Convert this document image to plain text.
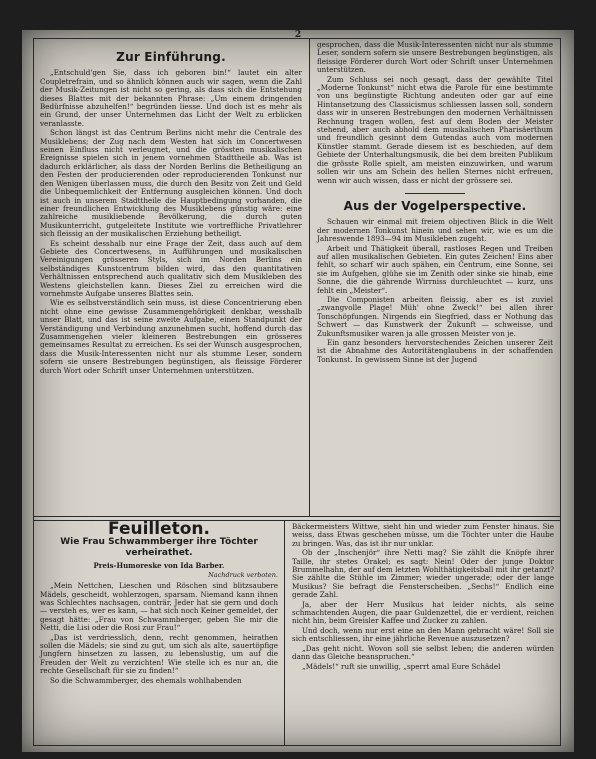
2
Zur Einführung.

„Entschuld'gen Sie, dass ich geboren bin!“ lautet ein alter Coupletrefrain, und so ähnlich können auch wir sagen, wenn die Zahl der Musik-Zeitungen ist nicht so gering, als dass sich die Entstehung dieses Blattes mit der bekannten Phrase: „Um einem dringenden Bedürfnisse abzuhelfen!“ begründen liesse. Und doch ist es mehr als ein Grund, der unser Unternehmen das Licht der Welt zu erblicken veranlasste.

Schon längst ist das Centrum Berlins nicht mehr die Centrale des Musiklebens; der Zug nach dem Westen hat sich im Concertwesen seinen Einfluss nicht verleugnet, und die grössten musikalischen Ereignisse spielen sich in jenem vornehmen Stadttheile ab. Was ist dadurch erklärlicher, als dass der Norden Berlins die Betheiligung an den Festen der producierenden oder reproducierenden Tonkunst nur den Wenigen überlassen muss, die durch den Besitz von Zeit und Geld die Unbequemlichkeit der Entfernung ausgleichen können. Und doch ist auch in unserem Stadttheile die Hauptbedingung vorhanden, die einer freundlichen Entwicklung des Musiklebens günstig wäre: eine zahlreiche musikliebende Bevölkerung, die durch guten Musikunterricht, gutgeleitete Institute wie vortreffliche Privatlehrer sich fleissig an der musikalischen Erziehung betheiligt.

Es scheint desshalb nur eine Frage der Zeit, dass auch auf dem Gebiete des Concertwesens, in Aufführungen und musikalischen Vereinigungen grösseren Styls, sich im Norden Berlins ein selbständiges Kunstcentrum bilden wird, das den quantitativen Verhältnissen entsprechend auch qualitativ sich dem Musikleben des Westens gleichstellen kann. Dieses Ziel zu erreichen wird die vornehmste Aufgabe unseres Blattes sein.

Wie es selbstverständlich sein muss, ist diese Concentrierung eben nicht ohne eine gewisse Zusammengehörigkeit denkbar, wesshalb unser Blatt, und das ist seine zweite Aufgabe, einen Standpunkt der Verständigung und Verbindung anzunehmen sucht, hoffend durch das Zusammengehen vieler kleineren Bestrebungen ein grösseres gemeinsames Resultat zu erreichen. Es sei der Wunsch ausgesprochen, dass die Musik-Interessenten nicht nur als stumme Leser, sondern sofern sie unsere Bestrebungen begünstigen, als fleissige Förderer durch Wort oder Schrift unser Unternehmen unterstützen.

gesprochen, dass die Musik-Interessenten nicht nur als stumme Leser, sondern sofern sie unsere Bestrebungen begünstigen, als fleissige Förderer durch Wort oder Schrift unser Unternehmen unterstützen.

Zum Schluss sei noch gesagt, dass der gewählte Titel „Moderne Tonkunst“ nicht etwa die Parole für eine bestimmte von uns begünstigte Richtung andeuten oder gar auf eine Hintansetzung des Classicismus schliessen lassen soll, sondern dass wir in unseren Bestrebungen den modernen Verhältnissen Rechnung tragen wollen, fest auf dem Boden der Meister stehend, aber auch abhold dem musikalischen Pharisäerthum und freundlich gesinnt dem Gutendas auch vom modernen Künstler stammt. Gerade diesem ist es beschieden, auf dem Gebiete der Unterhaltungsmusik, die bei dem breiten Publikum die grösste Rolle spielt, am meisten einzuwirken, und warum sollen wir uns am Schein des hellen Sternes nicht erfreuen, wenn wir auch wissen, dass er nicht der grössere sei.

Aus der Vogelperspective.

Schauen wir einmal mit freiem objectiven Blick in die Welt der modernen Tonkunst hinein und sehen wir, wie es um die Jahreswende 1893—94 im Musikleben zugeht.

Arbeit und Thätigkeit überall, rastloses Regen und Treiben auf allen musikalischen Gebieten. Ein gutes Zeichen! Eins aber fehlt, so scharf wir auch spähen, ein Centrum, eine Sonne, sei sie im Aufgehen, glühe sie im Zenith oder sinke sie hinab, eine Sonne, die die gährende Wirrniss durchleuchtet — kurz, uns fehlt ein „Meister“.

Die Componisten arbeiten fleissig, aber es ist zuviel „zwangvolle Plage! Müh' ohne Zweck!“ bei allen ihrer Tonschöpfungen. Nirgends ein Siegfried, dass er Nothung das Schwert — das Kunstwerk der Zukunft — schweisse, und Zukunftsmusiker waren ja alle grossen Meister von je.

Ein ganz besonders hervorstechendes Zeichen unserer Zeit ist die Abnahme des Autoritätenglaubens in der schaffenden Tonkunst. In gewissem Sinne ist der Jugend

Feuilleton.
Wie Frau Schwammberger ihre Töchter verheirathet.
Preis-Humoreske von Ida Barber.
Nachdruck verboten.

„Mein Nettchen, Lieschen und Röschen sind blitzsaubere Mädels, gescheidt, wohlerzogen, sparsam. Niemand kann ihnen was Schlechtes nachsagen, conträr, Jeder hat sie gern und doch — versteh es, wer es kann, — hat sich noch Keiner gemeldet, der gesagt hätte: „Frau von Schwammberger, geben Sie mir die Netti, die Lisi oder die Rosi zur Frau!“

„Das ist verdriesslich, denn, recht genommen, heirathen sollen die Mädels; sie sind zu gut, um sich als alte, sauertöpfige Jungfern hinsetzen zu lassen, zu lebenslustig, um auf die Freuden der Welt zu verzichten! Wie stelle ich es nur an, die rechte Gesellschaft für sie zu finden!“

So die Schwammberger, des ehemals wohlhabenden

Bäckermeisters Wittwe, sieht hin und wieder zum Fenster hinaus. Sie weiss, dass Etwas geschehen müsse, um die Töchter unter die Haube zu bringen. Was, das ist ihr nur unklar.

Ob der „Inschenjör“ ihre Netti mag? Sie zählt die Knöpfe ihrer Taille, ihr stetes Orakel; es sagt: Nein! Oder der junge Doktor Brummelhahn, der auf dem letzten Wohlthätigkeitsball mit ihr getanzt? Sie zählte die Stühle im Zimmer; wieder ungerade; oder der lange Musikus? Sie befragt die Fensterscheiben. „Sechs!“ Endlich eine gerade Zahl.

Ja, aber der Herr Musikus hat leider nichts, als seine schmachtenden Augen, die paar Guldenzettel, die er verdient, reichen nicht hin, beim Greisler Kaffee und Zucker zu zahlen.

Und doch, wenn nur erst eine an den Mann gebracht wäre! Soll sie sich entschliessen, ihr eine jährliche Revenue auszusetzen?

„Das geht nicht. Wovon soll sie selbst leben; die anderen würden dann das Gleiche beanspruchen.“

„Mädels!“ ruft sie unwillig, „sperrt amal Eure Schädel
